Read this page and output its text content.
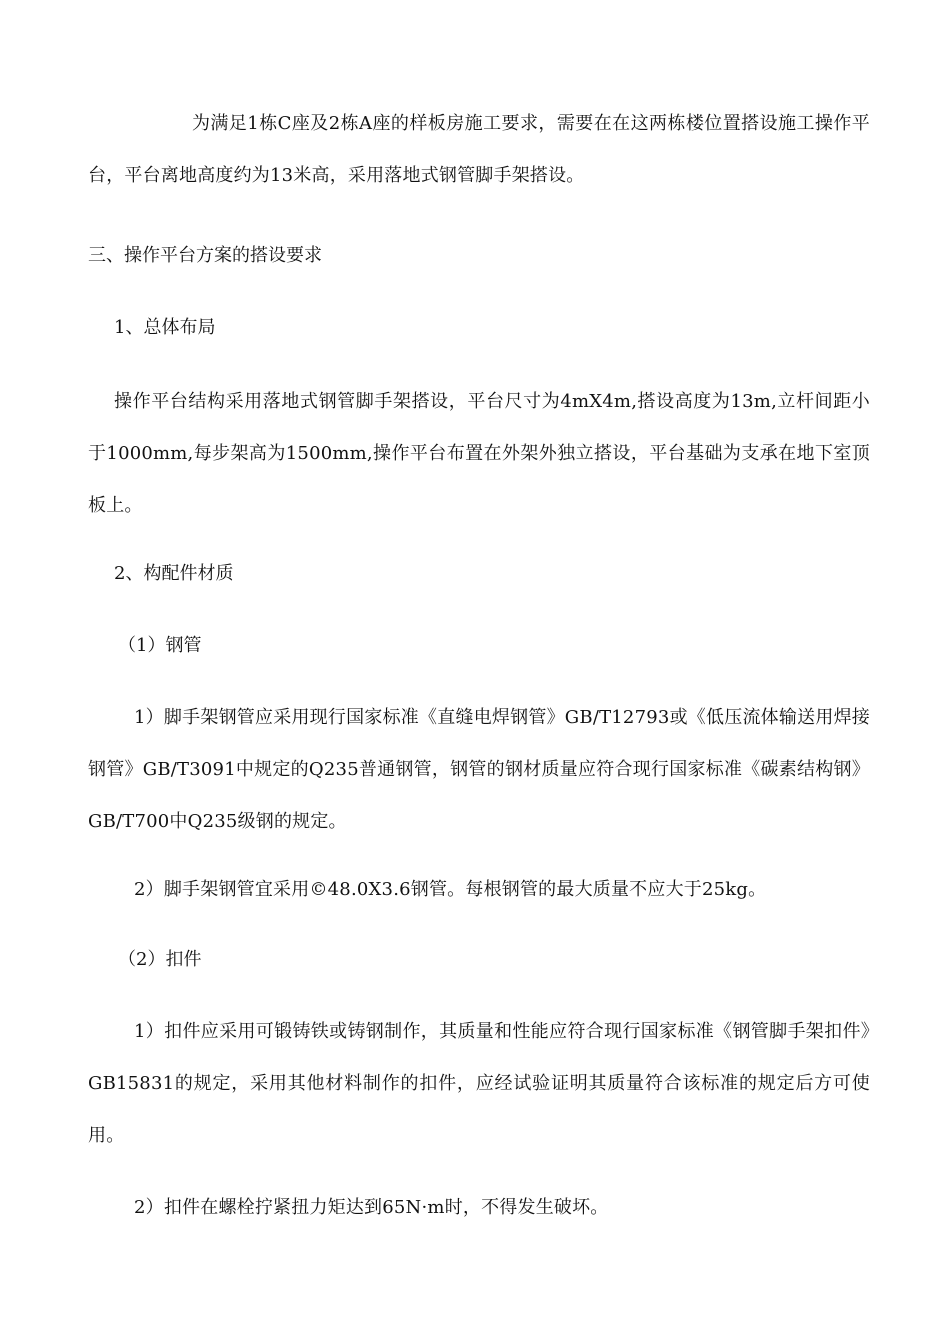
为满足1栋C座及2栋A座的样板房施工要求，需要在在这两栋楼位置搭设施工操作平台，平台离地高度约为13米高，采用落地式钢管脚手架搭设。

三、操作平台方案的搭设要求

1、总体布局

操作平台结构采用落地式钢管脚手架搭设，平台尺寸为4mX4m,搭设高度为13m,立杆间距小于1000mm,每步架高为1500mm,操作平台布置在外架外独立搭设，平台基础为支承在地下室顶板上。

2、构配件材质

（1）钢管

1）脚手架钢管应采用现行国家标准《直缝电焊钢管》GB/T12793或《低压流体输送用焊接钢管》GB/T3091中规定的Q235普通钢管，钢管的钢材质量应符合现行国家标准《碳素结构钢》GB/T700中Q235级钢的规定。

2）脚手架钢管宜采用©48.0X3.6钢管。每根钢管的最大质量不应大于25kg。

（2）扣件

1）扣件应采用可锻铸铁或铸钢制作，其质量和性能应符合现行国家标准《钢管脚手架扣件》GB15831的规定，采用其他材料制作的扣件，应经试验证明其质量符合该标准的规定后方可使用。

2）扣件在螺栓拧紧扭力矩达到65N·m时，不得发生破坏。
